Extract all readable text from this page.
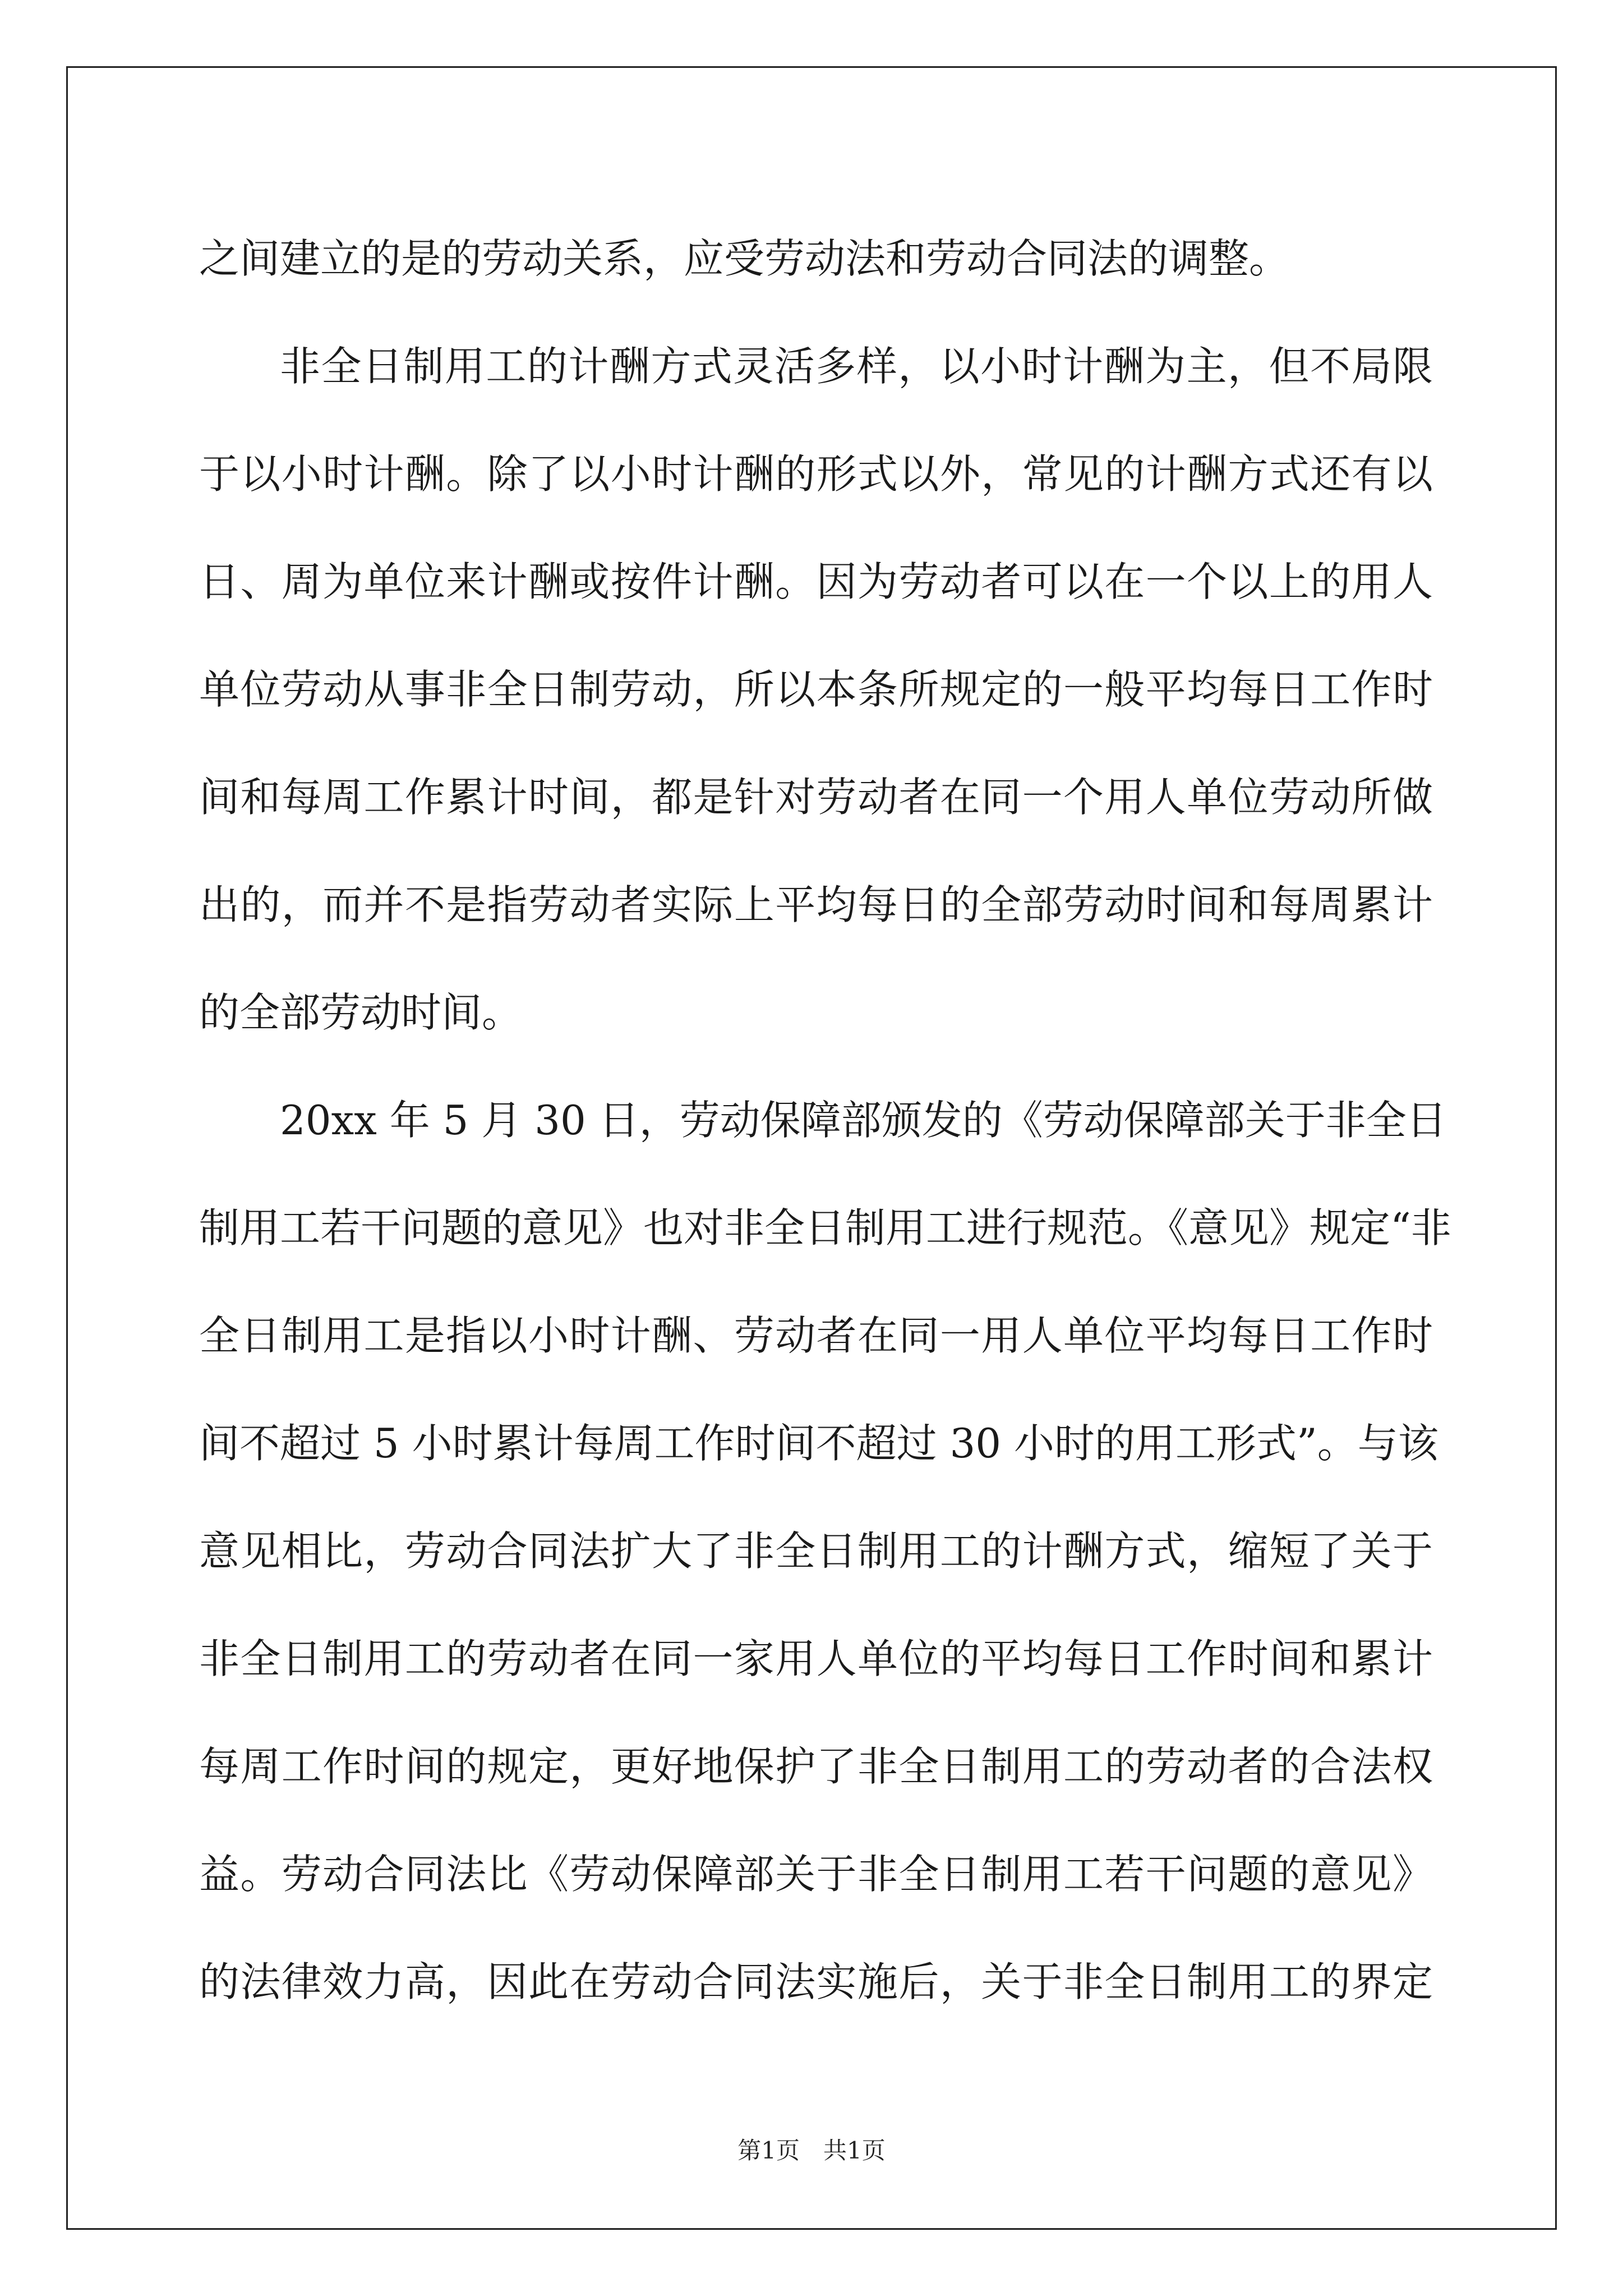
之间建立的是的劳动关系，应受劳动法和劳动合同法的调整。
非全日制用工的计酬方式灵活多样，以小时计酬为主，但不局限
于以小时计酬。除了以小时计酬的形式以外，常见的计酬方式还有以
日、周为单位来计酬或按件计酬。因为劳动者可以在一个以上的用人
单位劳动从事非全日制劳动，所以本条所规定的一般平均每日工作时
间和每周工作累计时间，都是针对劳动者在同一个用人单位劳动所做
出的，而并不是指劳动者实际上平均每日的全部劳动时间和每周累计
的全部劳动时间。
20xx 年 5 月 30 日，劳动保障部颁发的《劳动保障部关于非全日
制用工若干问题的意见》也对非全日制用工进行规范。《意见》规定“非
全日制用工是指以小时计酬、劳动者在同一用人单位平均每日工作时
间不超过 5 小时累计每周工作时间不超过 30 小时的用工形式”。与该
意见相比，劳动合同法扩大了非全日制用工的计酬方式，缩短了关于
非全日制用工的劳动者在同一家用人单位的平均每日工作时间和累计
每周工作时间的规定，更好地保护了非全日制用工的劳动者的合法权
益。劳动合同法比《劳动保障部关于非全日制用工若干问题的意见》
的法律效力高，因此在劳动合同法实施后，关于非全日制用工的界定
第1页 共1页
